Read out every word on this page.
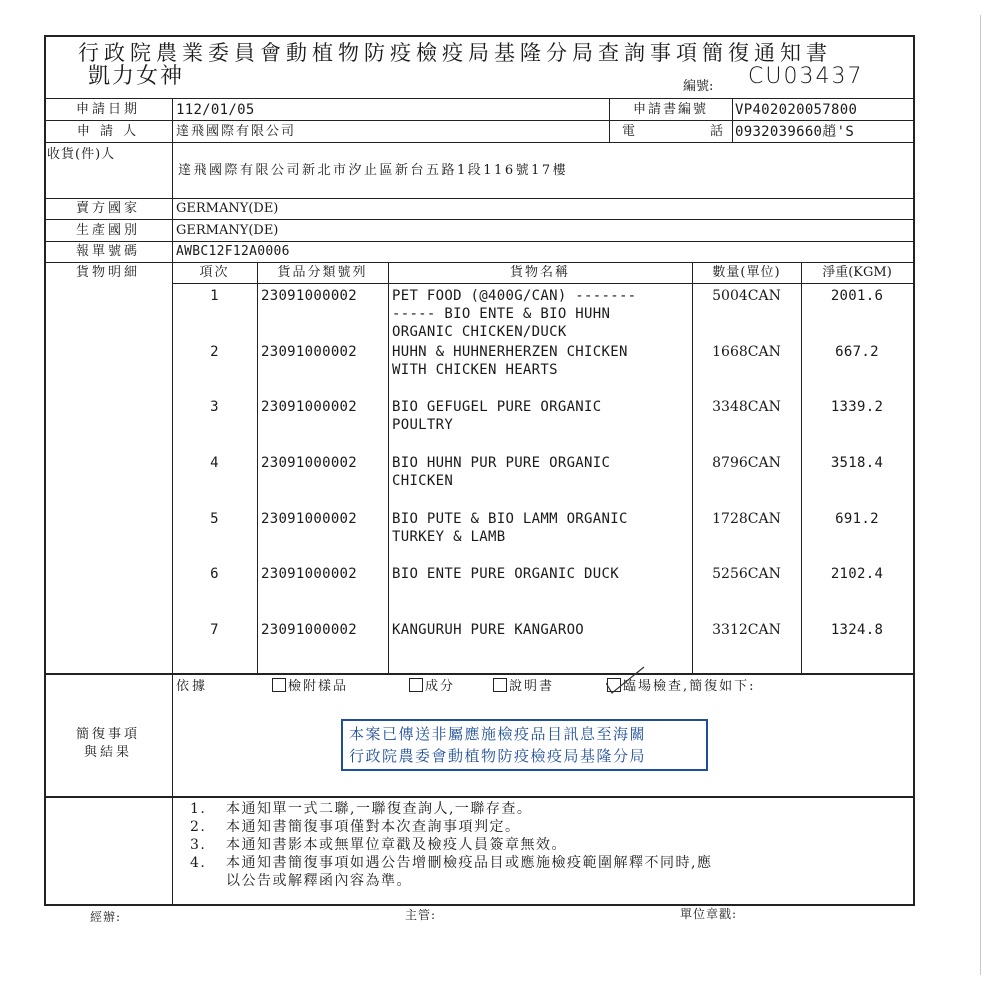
行政院農業委員會動植物防疫檢疫局基隆分局查詢事項簡復通知書
凱力女神	編號: CU03437
申請日期	112/01/05	申請書編號	VP402020057800
申 請 人	達飛國際有限公司	電	話 0932039660趙'S
收貨(件)人
達飛國際有限公司新北市汐止區新台五路1段116號17樓
賣方國家	GERMANY(DE)
生產國別	GERMANY(DE)
報單號碼	AWBC12F12A0006
貨物明細	項次	貨品分類號列	貨物名稱	數量(單位)	淨重(KGM)
1	23091000002 PET FOOD (@400G/CAN) -------
----- BIO ENTE & BIO HUHN
ORGANIC CHICKEN/DUCK
5004CAN	2001.6
2	23091000002 HUHN & HUHNERHERZEN CHICKEN
WITH CHICKEN HEARTS
1668CAN	667.2
3	23091000002 BIO GEFUGEL PURE ORGANIC
POULTRY
3348CAN	1339.2
4	23091000002 BIO HUHN PUR PURE ORGANIC
CHICKEN
8796CAN	3518.4
5	23091000002 BIO PUTE & BIO LAMM ORGANIC
TURKEY & LAMB
1728CAN	691.2
6	23091000002 BIO ENTE PURE ORGANIC DUCK	5256CAN	2102.4
7	23091000002 KANGURUH PURE KANGAROO	3312CAN	1324.8
簡復事項
與結果
依據	檢附樣品	成分	說明書	臨場檢查,簡復如下:
本案已傳送非屬應施檢疫品目訊息至海關
行政院農委會動植物防疫檢疫局基隆分局
1. 本通知單一式二聯,一聯復查詢人,一聯存查。
2. 本通知書簡復事項僅對本次查詢事項判定。
3. 本通知書影本或無單位章戳及檢疫人員簽章無效。
4. 本通知書簡復事項如遇公告增刪檢疫品目或應施檢疫範圍解釋不同時,應
以公告或解釋函內容為準。
經辦:	主管:	單位章戳:
